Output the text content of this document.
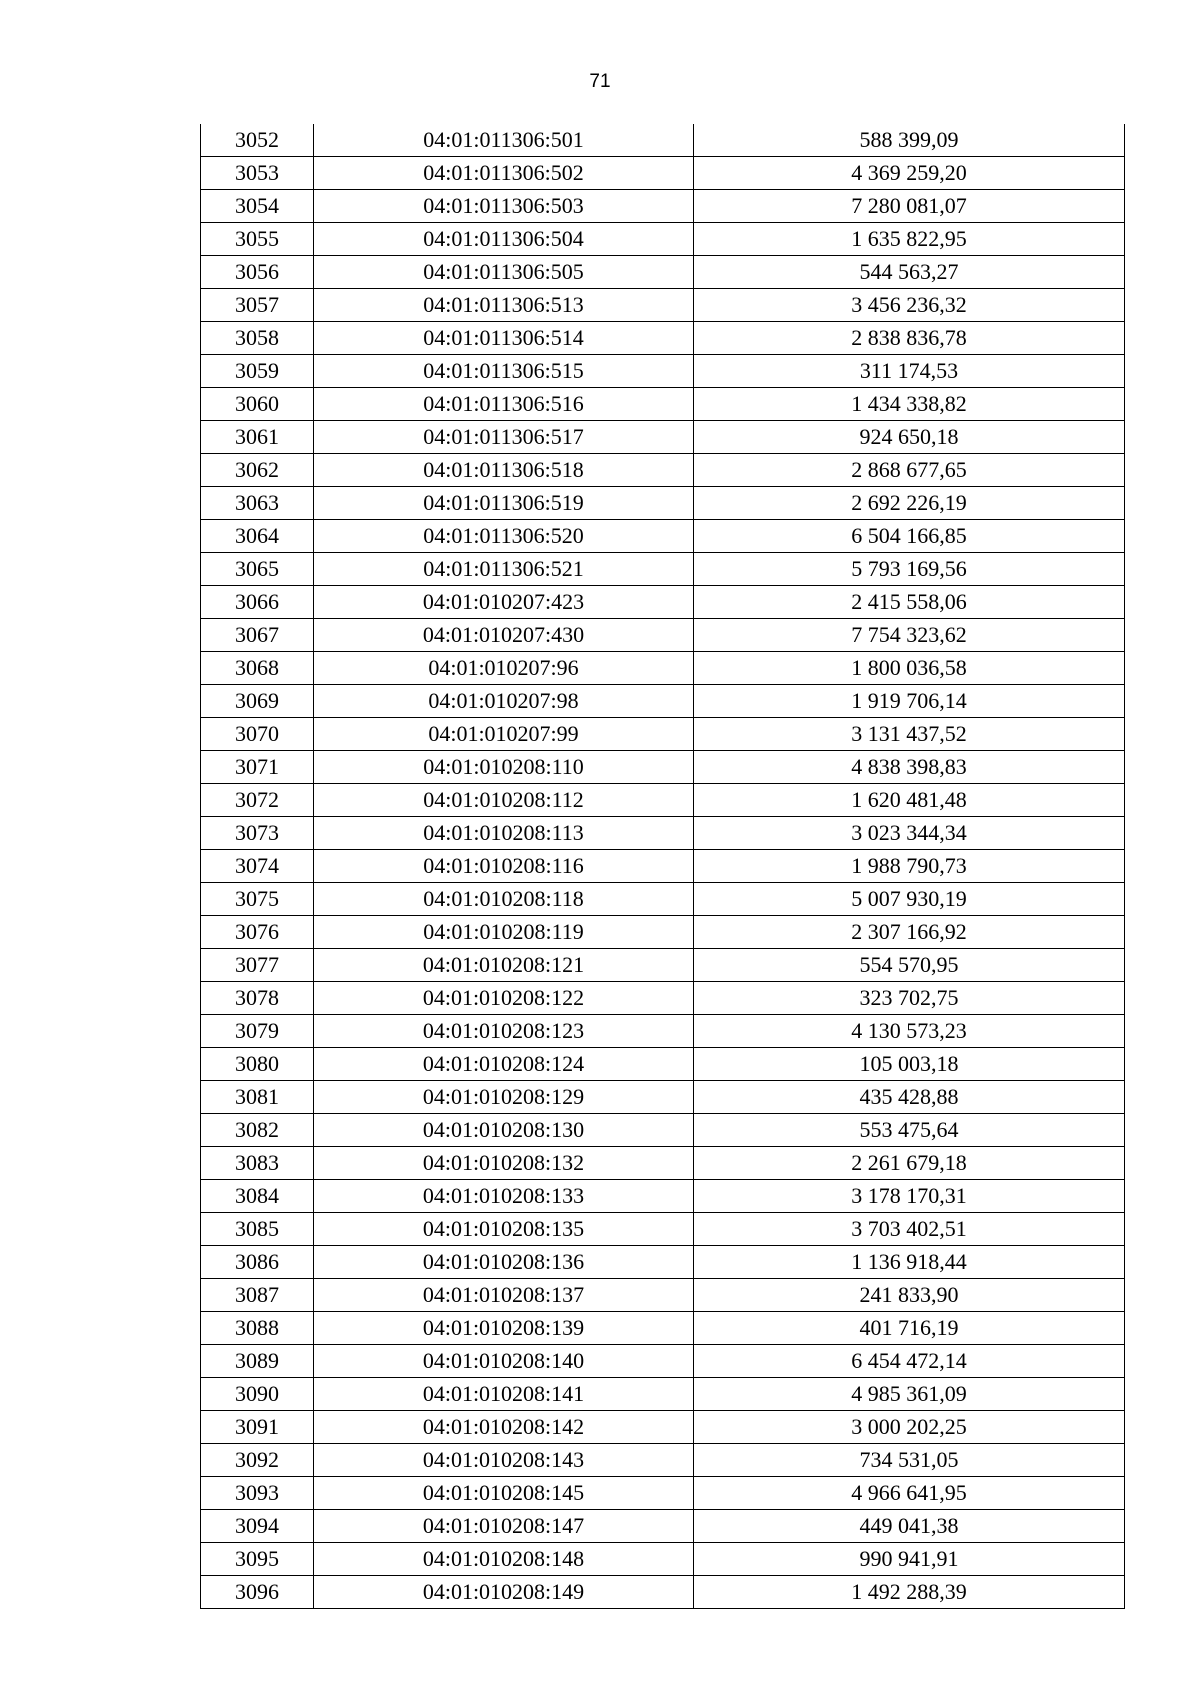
71
3052	04:01:011306:501	588 399,09
3053	04:01:011306:502	4 369 259,20
3054	04:01:011306:503	7 280 081,07
3055	04:01:011306:504	1 635 822,95
3056	04:01:011306:505	544 563,27
3057	04:01:011306:513	3 456 236,32
3058	04:01:011306:514	2 838 836,78
3059	04:01:011306:515	311 174,53
3060	04:01:011306:516	1 434 338,82
3061	04:01:011306:517	924 650,18
3062	04:01:011306:518	2 868 677,65
3063	04:01:011306:519	2 692 226,19
3064	04:01:011306:520	6 504 166,85
3065	04:01:011306:521	5 793 169,56
3066	04:01:010207:423	2 415 558,06
3067	04:01:010207:430	7 754 323,62
3068	04:01:010207:96	1 800 036,58
3069	04:01:010207:98	1 919 706,14
3070	04:01:010207:99	3 131 437,52
3071	04:01:010208:110	4 838 398,83
3072	04:01:010208:112	1 620 481,48
3073	04:01:010208:113	3 023 344,34
3074	04:01:010208:116	1 988 790,73
3075	04:01:010208:118	5 007 930,19
3076	04:01:010208:119	2 307 166,92
3077	04:01:010208:121	554 570,95
3078	04:01:010208:122	323 702,75
3079	04:01:010208:123	4 130 573,23
3080	04:01:010208:124	105 003,18
3081	04:01:010208:129	435 428,88
3082	04:01:010208:130	553 475,64
3083	04:01:010208:132	2 261 679,18
3084	04:01:010208:133	3 178 170,31
3085	04:01:010208:135	3 703 402,51
3086	04:01:010208:136	1 136 918,44
3087	04:01:010208:137	241 833,90
3088	04:01:010208:139	401 716,19
3089	04:01:010208:140	6 454 472,14
3090	04:01:010208:141	4 985 361,09
3091	04:01:010208:142	3 000 202,25
3092	04:01:010208:143	734 531,05
3093	04:01:010208:145	4 966 641,95
3094	04:01:010208:147	449 041,38
3095	04:01:010208:148	990 941,91
3096	04:01:010208:149	1 492 288,39
